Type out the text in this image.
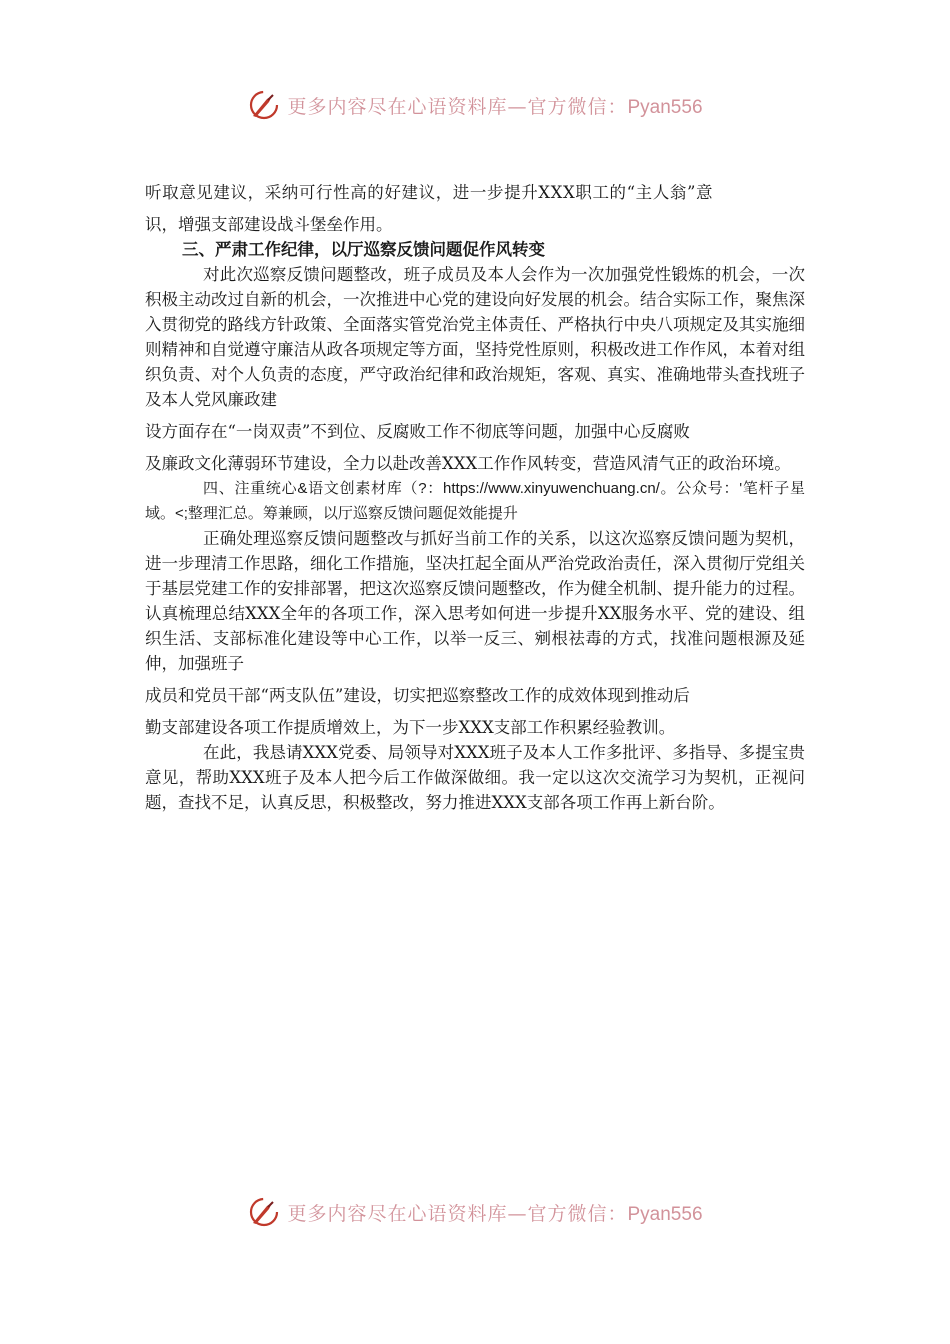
更多内容尽在心语资料库—官方微信：Pyan556

听取意见建议，采纳可行性高的好建议，进一步提升XXX职工的“主人翁”意

识，增强支部建设战斗堡垒作用。

三、严肃工作纪律，以厅巡察反馈问题促作风转变

对此次巡察反馈问题整改，班子成员及本人会作为一次加强党性锻炼的机会，一次积极主动改过自新的机会，一次推进中心党的建设向好发展的机会。结合实际工作，聚焦深入贯彻党的路线方针政策、全面落实管党治党主体责任、严格执行中央八项规定及其实施细则精神和自觉遵守廉洁从政各项规定等方面，坚持党性原则，积极改进工作作风，本着对组织负责、对个人负责的态度，严守政治纪律和政治规矩，客观、真实、准确地带头查找班子及本人党风廉政建

设方面存在“一岗双责”不到位、反腐败工作不彻底等问题，加强中心反腐败

及廉政文化薄弱环节建设，全力以赴改善XXX工作作风转变，营造风清气正的政治环境。

四、注重统心&语文创素材库（?：https://www.xinyuwenchuang.cn/。公众号：'笔杆子星域。<;整理汇总。筹兼顾，以厅巡察反馈问题促效能提升

正确处理巡察反馈问题整改与抓好当前工作的关系，以这次巡察反馈问题为契机，进一步理清工作思路，细化工作措施，坚决扛起全面从严治党政治责任，深入贯彻厅党组关于基层党建工作的安排部署，把这次巡察反馈问题整改，作为健全机制、提升能力的过程。认真梳理总结XXX全年的各项工作，深入思考如何进一步提升XX服务水平、党的建设、组织生活、支部标准化建设等中心工作，以举一反三、剜根祛毒的方式，找准问题根源及延伸，加强班子

成员和党员干部“两支队伍”建设，切实把巡察整改工作的成效体现到推动后

勤支部建设各项工作提质增效上，为下一步XXX支部工作积累经验教训。

在此，我恳请XXX党委、局领导对XXX班子及本人工作多批评、多指导、多提宝贵意见，帮助XXX班子及本人把今后工作做深做细。我一定以这次交流学习为契机，正视问题，查找不足，认真反思，积极整改，努力推进XXX支部各项工作再上新台阶。

更多内容尽在心语资料库—官方微信：Pyan556
